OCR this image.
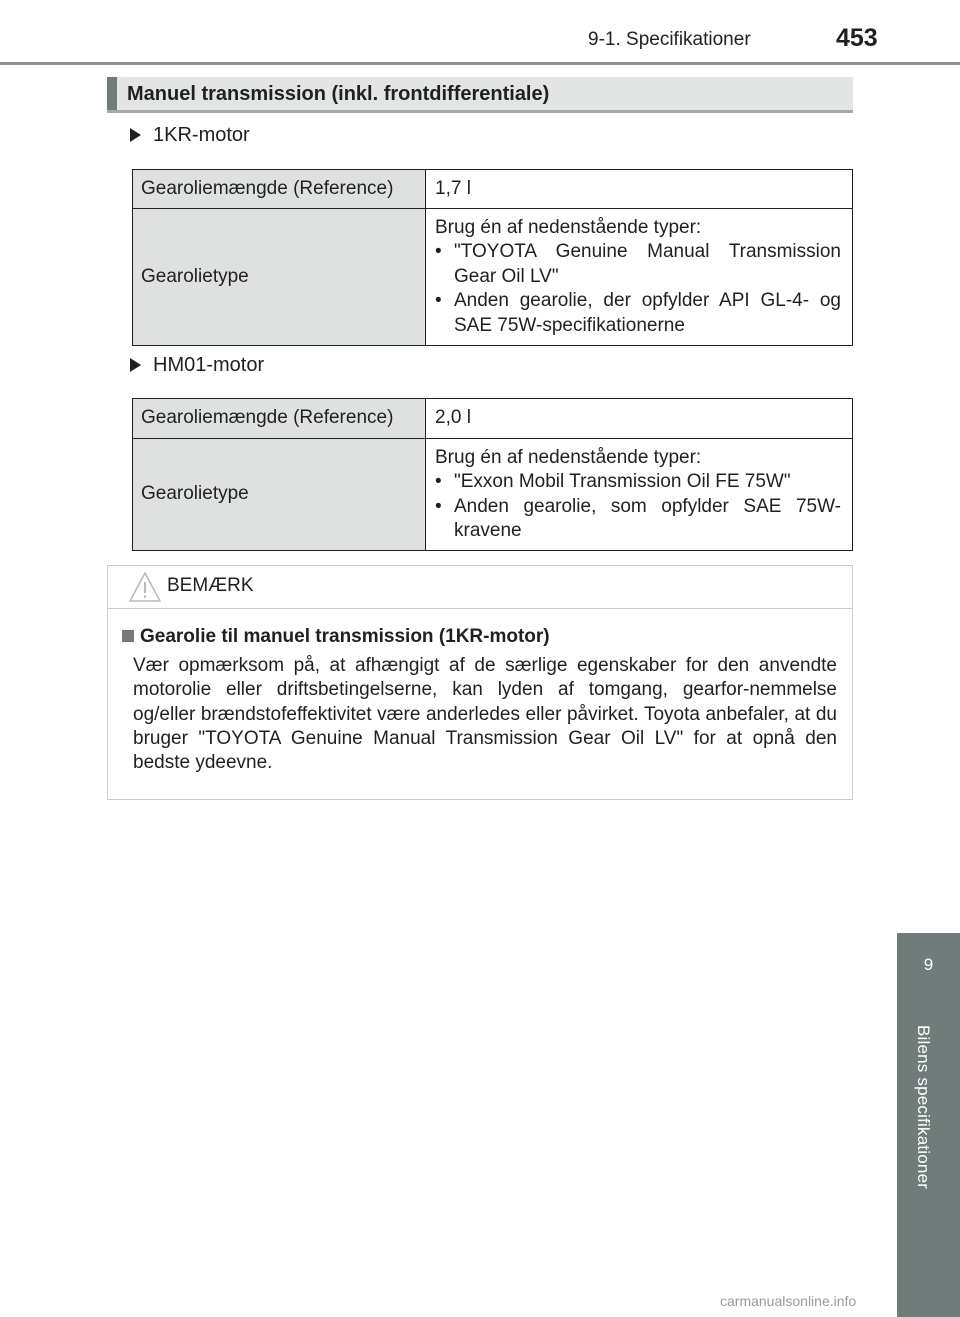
9-1. Specifikationer	453
9
Bilens specifikationer
Manuel transmission (inkl. frontdifferentiale)
1KR-motor
Gearoliemængde (Reference)	1,7 l
Gearolietype	Brug én af nedenstående typer:
• "TOYOTA Genuine Manual Transmission Gear Oil LV"
• Anden gearolie, der opfylder API GL-4- og SAE 75W-specifikationerne
HM01-motor
Gearoliemængde (Reference)	2,0 l
Gearolietype	Brug én af nedenstående typer:
• "Exxon Mobil Transmission Oil FE 75W"
• Anden gearolie, som opfylder SAE 75W-kravene
BEMÆRK
Gearolie til manuel transmission (1KR-motor)
Vær opmærksom på, at afhængigt af de særlige egenskaber for den anvendte motorolie eller driftsbetingelserne, kan lyden af tomgang, gearfor-nemmelse og/eller brændstofeffektivitet være anderledes eller påvirket. Toyota anbefaler, at du bruger "TOYOTA Genuine Manual Transmission Gear Oil LV" for at opnå den bedste ydeevne.
carmanualsonline.info
